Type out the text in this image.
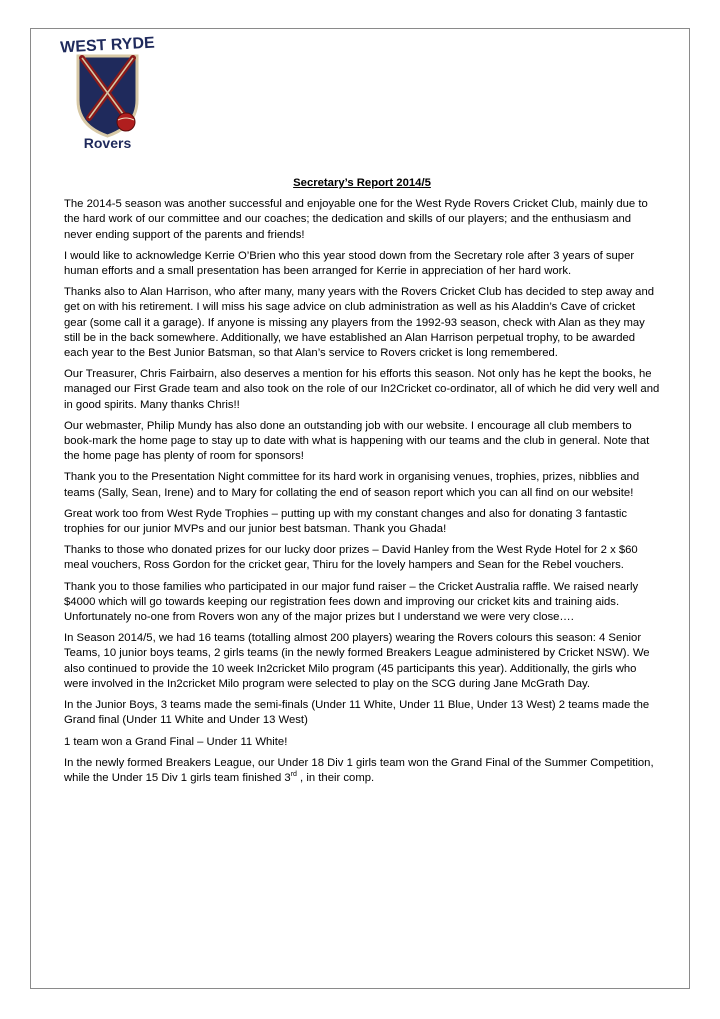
WEST RYDE
Rovers

Secretary’s Report 2014/5

The 2014-5 season was another successful and enjoyable one for the West Ryde Rovers Cricket Club, mainly due to the hard work of our committee and our coaches; the dedication and skills of our players; and the enthusiasm and never ending support of the parents and friends!

I would like to acknowledge Kerrie O’Brien who this year stood down from the Secretary role after 3 years of super human efforts and a small presentation has been arranged for Kerrie in appreciation of her hard work.

Thanks also to Alan Harrison, who after many, many years with the Rovers Cricket Club has decided to step away and get on with his retirement. I will miss his sage advice on club administration as well as his Aladdin’s Cave of cricket gear (some call it a garage). If anyone is missing any players from the 1992-93 season, check with Alan as they may still be in the back somewhere. Additionally, we have established an Alan Harrison perpetual trophy, to be awarded each year to the Best Junior Batsman, so that Alan’s service to Rovers cricket is long remembered.

Our Treasurer, Chris Fairbairn, also deserves a mention for his efforts this season. Not only has he kept the books, he managed our First Grade team and also took on the role of our In2Cricket co-ordinator, all of which he did very well and in good spirits. Many thanks Chris!!

Our webmaster, Philip Mundy has also done an outstanding job with our website. I encourage all club members to book-mark the home page to stay up to date with what is happening with our teams and the club in general. Note that the home page has plenty of room for sponsors!

Thank you to the Presentation Night committee for its hard work in organising venues, trophies, prizes, nibblies and teams (Sally, Sean, Irene) and to Mary for collating the end of season report which you can all find on our website!

Great work too from West Ryde Trophies – putting up with my constant changes and also for donating 3 fantastic trophies for our junior MVPs and our junior best batsman. Thank you Ghada!

Thanks to those who donated prizes for our lucky door prizes – David Hanley from the West Ryde Hotel for 2 x $60 meal vouchers, Ross Gordon for the cricket gear, Thiru for the lovely hampers and Sean for the Rebel vouchers.

Thank you to those families who participated in our major fund raiser – the Cricket Australia raffle. We raised nearly $4000 which will go towards keeping our registration fees down and improving our cricket kits and training aids. Unfortunately no-one from Rovers won any of the major prizes but I understand we were very close….

In Season 2014/5, we had 16 teams (totalling almost 200 players) wearing the Rovers colours this season: 4 Senior Teams, 10 junior boys teams, 2 girls teams (in the newly formed Breakers League administered by Cricket NSW). We also continued to provide the 10 week In2cricket Milo program (45 participants this year). Additionally, the girls who were involved in the In2cricket Milo program were selected to play on the SCG during Jane McGrath Day.

In the Junior Boys, 3 teams made the semi-finals (Under 11 White, Under 11 Blue, Under 13 West) 2 teams made the Grand final (Under 11 White and Under 13 West)

1 team won a Grand Final – Under 11 White!

In the newly formed Breakers League, our Under 18 Div 1 girls team won the Grand Final of the Summer Competition, while the Under 15 Div 1 girls team finished 3rd , in their comp.
